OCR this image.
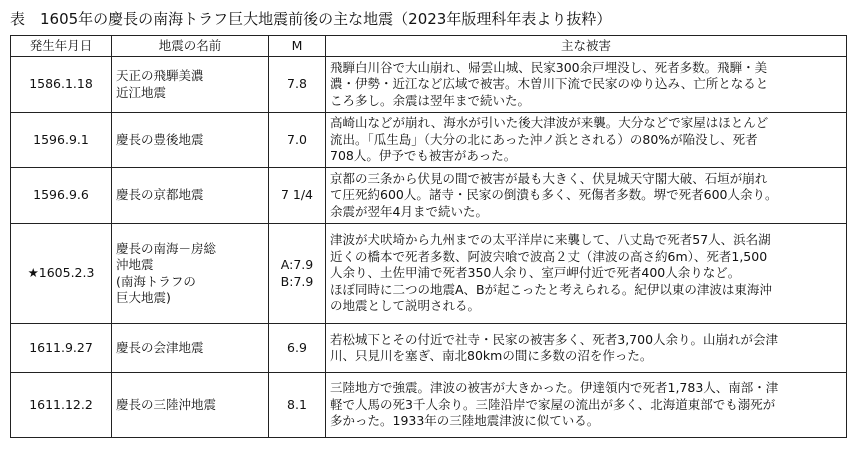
表　1605年の慶長の南海トラフ巨大地震前後の主な地震（2023年版理科年表より抜粋）
発生年月日	地震の名前	M	主な被害

1586.1.18	天正の飛騨美濃
近江地震	7.8	飛騨白川谷で大山崩れ、帰雲山城、民家300余戸埋没し、死者多数。飛騨・美
濃・伊勢・近江など広域で被害。木曽川下流で民家のゆり込み、亡所となると
ころ多し。余震は翌年まで続いた。

1596.9.1	慶長の豊後地震	7.0	高崎山などが崩れ、海水が引いた後大津波が来襲。大分などで家屋はほとんど
流出。「瓜生島」（大分の北にあった沖ノ浜とされる）の80%が陥没し、死者
708人。伊予でも被害があった。

1596.9.6	慶長の京都地震	7 1/4	京都の三条から伏見の間で被害が最も大きく、伏見城天守閣大破、石垣が崩れ
て圧死約600人。諸寺・民家の倒潰も多く、死傷者多数。堺で死者600人余り。
余震が翌年4月まで続いた。

★1605.2.3	慶長の南海－房総
沖地震
(南海トラフの
巨大地震)	A:7.9
B:7.9	津波が犬吠埼から九州までの太平洋岸に来襲して、八丈島で死者57人、浜名湖
近くの橋本で死者多数、阿波宍喰で波高２丈（津波の高さ約6m）、死者1,500
人余り、土佐甲浦で死者350人余り、室戸岬付近で死者400人余りなど。
ほぼ同時に二つの地震A、Bが起こったと考えられる。紀伊以東の津波は東海沖
の地震として説明される。

1611.9.27	慶長の会津地震	6.9	若松城下とその付近で社寺・民家の被害多く、死者3,700人余り。山崩れが会津
川、只見川を塞ぎ、南北80kmの間に多数の沼を作った。

1611.12.2	慶長の三陸沖地震	8.1	三陸地方で強震。津波の被害が大きかった。伊達領内で死者1,783人、南部・津
軽で人馬の死3千人余り。三陸沿岸で家屋の流出が多く、北海道東部でも溺死が
多かった。1933年の三陸地震津波に似ている。
